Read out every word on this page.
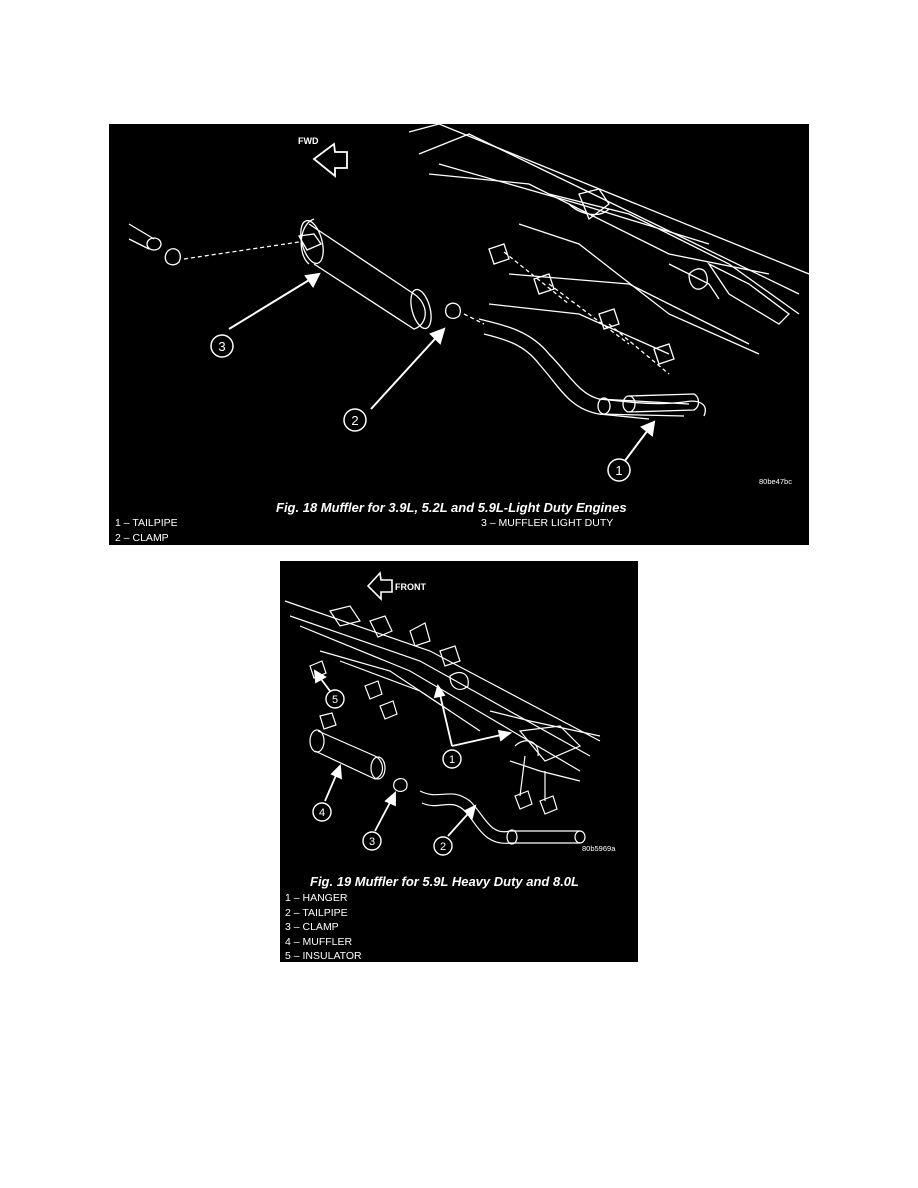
3
2
1
FWD
80be47bc
Fig. 18 Muffler for 3.9L, 5.2L and 5.9L-Light Duty Engines
1 – TAILPIPE
2 – CLAMP
3 – MUFFLER LIGHT DUTY
5
4
3	2
1
FRONT
80b5969a
Fig. 19 Muffler for 5.9L Heavy Duty and 8.0L
1 – HANGER
2 – TAILPIPE
3 – CLAMP
4 – MUFFLER
5 – INSULATOR
